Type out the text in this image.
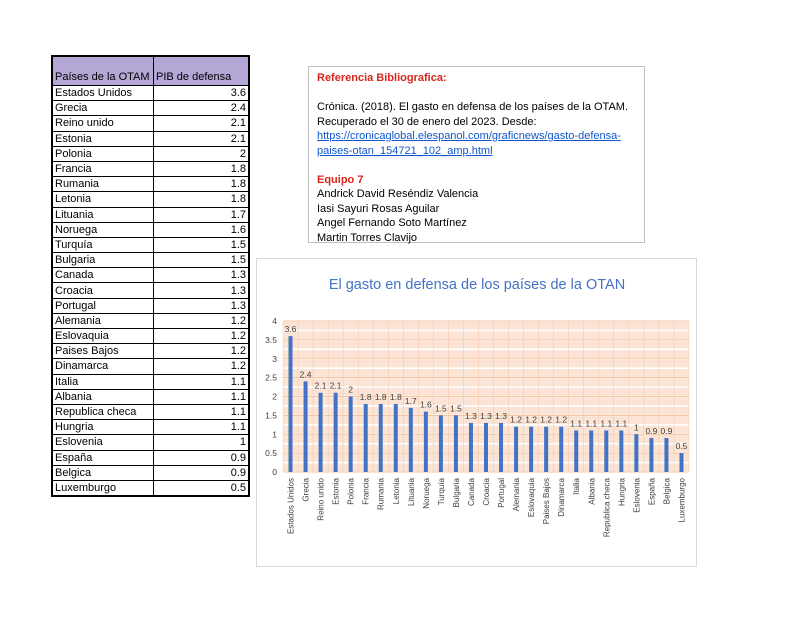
Países de la OTAM	PIB de defensa
Estados Unidos	3.6
Grecia	2.4
Reino unido	2.1
Estonia	2.1
Polonia	2
Francia	1.8
Rumania	1.8
Letonia	1.8
Lituania	1.7
Noruega	1.6
Turquía	1.5
Bulgaria	1.5
Canada	1.3
Croacia	1.3
Portugal	1.3
Alemania	1.2
Eslovaquia	1.2
Paises Bajos	1.2
Dinamarca	1.2
Italia	1.1
Albania	1.1
Republica checa	1.1
Hungria	1.1
Eslovenia	1
España	0.9
Belgica	0.9
Luxemburgo	0.5

Referencia Bibliografica:

Crónica. (2018). El gasto en defensa de los países de la OTAM.

Recuperado el 30 de enero del 2023. Desde:

https://cronicaglobal.elespanol.com/graficnews/gasto-defensa-

paises-otan_154721_102_amp.html

Equipo 7

Andrick David Reséndiz Valencia

Iasi Sayuri Rosas Aguilar

Angel Fernando Soto Martínez

Martin Torres Clavijo

0
0.5
1
1.5
2
2.5
3
3.5
4
El gasto en defensa de los países de la OTAN
3.6
Estados Unidos
2.4
Grecia
2.1
Reino unido
2.1
Estonia
2
Polonia
1.8
Francia
1.8
Rumania
1.8
Letonia
1.7
Lituania
1.6
Noruega
1.5
Turquía
1.5
Bulgaria
1.3
Canada
1.3
Croacia
1.3
Portugal
1.2
Alemania
1.2
Eslovaquia
1.2
Paises Bajos
1.2
Dinamarca
1.1
Italia
1.1
Albania
1.1
Republica checa
1.1
Hungria
1
Eslovenia
0.9
España
0.9
Belgica
0.5
Luxemburgo
